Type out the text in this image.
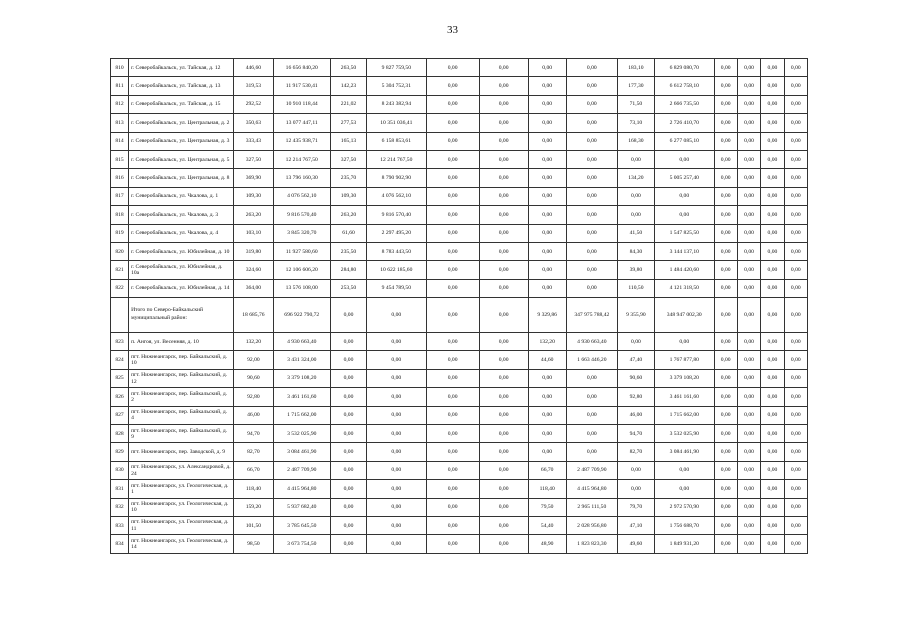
33
810	г. Северобайкальск, ул. Тайская, д. 12	446,60	16 656 840,20	263,50	9 827 759,50	0,00	0,00	0,00	0,00	183,10	6 829 080,70	0,00	0,00	0,00	0,00
811	г. Северобайкальск, ул. Тайская, д. 13	319,53	11 917 530,41	142,23	5 304 752,31	0,00	0,00	0,00	0,00	177,30	6 612 758,10	0,00	0,00	0,00	0,00
812	г. Северобайкальск, ул. Тайская, д. 15	292,52	10 910 118,44	221,02	8 243 382,94	0,00	0,00	0,00	0,00	71,50	2 666 735,50	0,00	0,00	0,00	0,00
813	г. Северобайкальск, ул. Центральная, д. 2	350,63	13 077 447,11	277,53	10 351 036,41	0,00	0,00	0,00	0,00	73,10	2 726 410,70	0,00	0,00	0,00	0,00
814	г. Северобайкальск, ул. Центральная, д. 3	333,43	12 435 938,71	165,13	6 158 853,61	0,00	0,00	0,00	0,00	168,30	6 277 085,10	0,00	0,00	0,00	0,00
815	г. Северобайкальск, ул. Центральная, д. 5	327,50	12 214 767,50	327,50	12 214 767,50	0,00	0,00	0,00	0,00	0,00	0,00	0,00	0,00	0,00	0,00
816	г. Северобайкальск, ул. Центральная, д. 8	369,90	13 796 160,30	235,70	8 790 902,90	0,00	0,00	0,00	0,00	134,20	5 005 257,40	0,00	0,00	0,00	0,00
817	г. Северобайкальск, ул. Чкалова, д. 1	109,30	4 076 562,10	109,30	4 076 562,10	0,00	0,00	0,00	0,00	0,00	0,00	0,00	0,00	0,00	0,00
818	г. Северобайкальск, ул. Чкалова, д. 3	263,20	9 816 570,40	263,20	9 816 570,40	0,00	0,00	0,00	0,00	0,00	0,00	0,00	0,00	0,00	0,00
819	г. Северобайкальск, ул. Чкалова, д. 4	103,10	3 845 320,70	61,60	2 297 495,20	0,00	0,00	0,00	0,00	41,50	1 547 825,50	0,00	0,00	0,00	0,00
820	г. Северобайкальск, ул. Юбилейная, д. 10	319,80	11 927 580,60	235,50	8 783 443,50	0,00	0,00	0,00	0,00	84,30	3 144 137,10	0,00	0,00	0,00	0,00
821	г. Северобайкальск, ул. Юбилейная, д. 10а	324,60	12 106 606,20	284,80	10 622 185,60	0,00	0,00	0,00	0,00	39,80	1 484 420,60	0,00	0,00	0,00	0,00
822	г. Северобайкальск, ул. Юбилейная, д. 14	364,00	13 576 108,00	253,50	9 454 789,50	0,00	0,00	0,00	0,00	110,50	4 121 318,50	0,00	0,00	0,00	0,00
	Итого по Северо-Байкальский муниципальный район:	18 685,76	696 922 790,72	0,00	0,00	0,00	0,00	9 329,86	347 975 788,42	9 355,90	348 947 002,30	0,00	0,00	0,00	0,00
823	п. Ангоя, ул. Весенняя, д. 10	132,20	4 930 663,40	0,00	0,00	0,00	0,00	132,20	4 930 663,40	0,00	0,00	0,00	0,00	0,00	0,00
824	пгт. Нижнеангарск, пер. Байкальский, д. 10	92,00	3 431 324,00	0,00	0,00	0,00	0,00	44,60	1 663 446,20	47,40	1 767 877,80	0,00	0,00	0,00	0,00
825	пгт. Нижнеангарск, пер. Байкальский, д. 12	90,60	3 379 108,20	0,00	0,00	0,00	0,00	0,00	0,00	90,60	3 379 108,20	0,00	0,00	0,00	0,00
826	пгт. Нижнеангарск, пер. Байкальский, д. 2	92,80	3 461 161,60	0,00	0,00	0,00	0,00	0,00	0,00	92,80	3 461 161,60	0,00	0,00	0,00	0,00
827	пгт. Нижнеангарск, пер. Байкальский, д. 4	46,00	1 715 662,00	0,00	0,00	0,00	0,00	0,00	0,00	46,00	1 715 662,00	0,00	0,00	0,00	0,00
828	пгт. Нижнеангарск, пер. Байкальский, д. 9	94,70	3 532 025,90	0,00	0,00	0,00	0,00	0,00	0,00	94,70	3 532 025,90	0,00	0,00	0,00	0,00
829	пгт. Нижнеангарск, пер. Заводской, д. 9	82,70	3 084 461,90	0,00	0,00	0,00	0,00	0,00	0,00	82,70	3 084 461,90	0,00	0,00	0,00	0,00
830	пгт. Нижнеангарск, ул. Александровой, д. 24	66,70	2 487 709,90	0,00	0,00	0,00	0,00	66,70	2 487 709,90	0,00	0,00	0,00	0,00	0,00	0,00
831	пгт. Нижнеангарск, ул. Геологическая, д. 1	118,40	4 415 964,80	0,00	0,00	0,00	0,00	118,40	4 415 964,80	0,00	0,00	0,00	0,00	0,00	0,00
832	пгт. Нижнеангарск, ул. Геологическая, д. 10	159,20	5 937 682,40	0,00	0,00	0,00	0,00	79,50	2 965 111,50	79,70	2 972 570,90	0,00	0,00	0,00	0,00
833	пгт. Нижнеангарск, ул. Геологическая, д. 11	101,50	3 785 645,50	0,00	0,00	0,00	0,00	54,40	2 028 956,80	47,10	1 756 688,70	0,00	0,00	0,00	0,00
834	пгт. Нижнеангарск, ул. Геологическая, д. 14	98,50	3 673 754,50	0,00	0,00	0,00	0,00	48,90	1 823 823,30	49,60	1 849 931,20	0,00	0,00	0,00	0,00
